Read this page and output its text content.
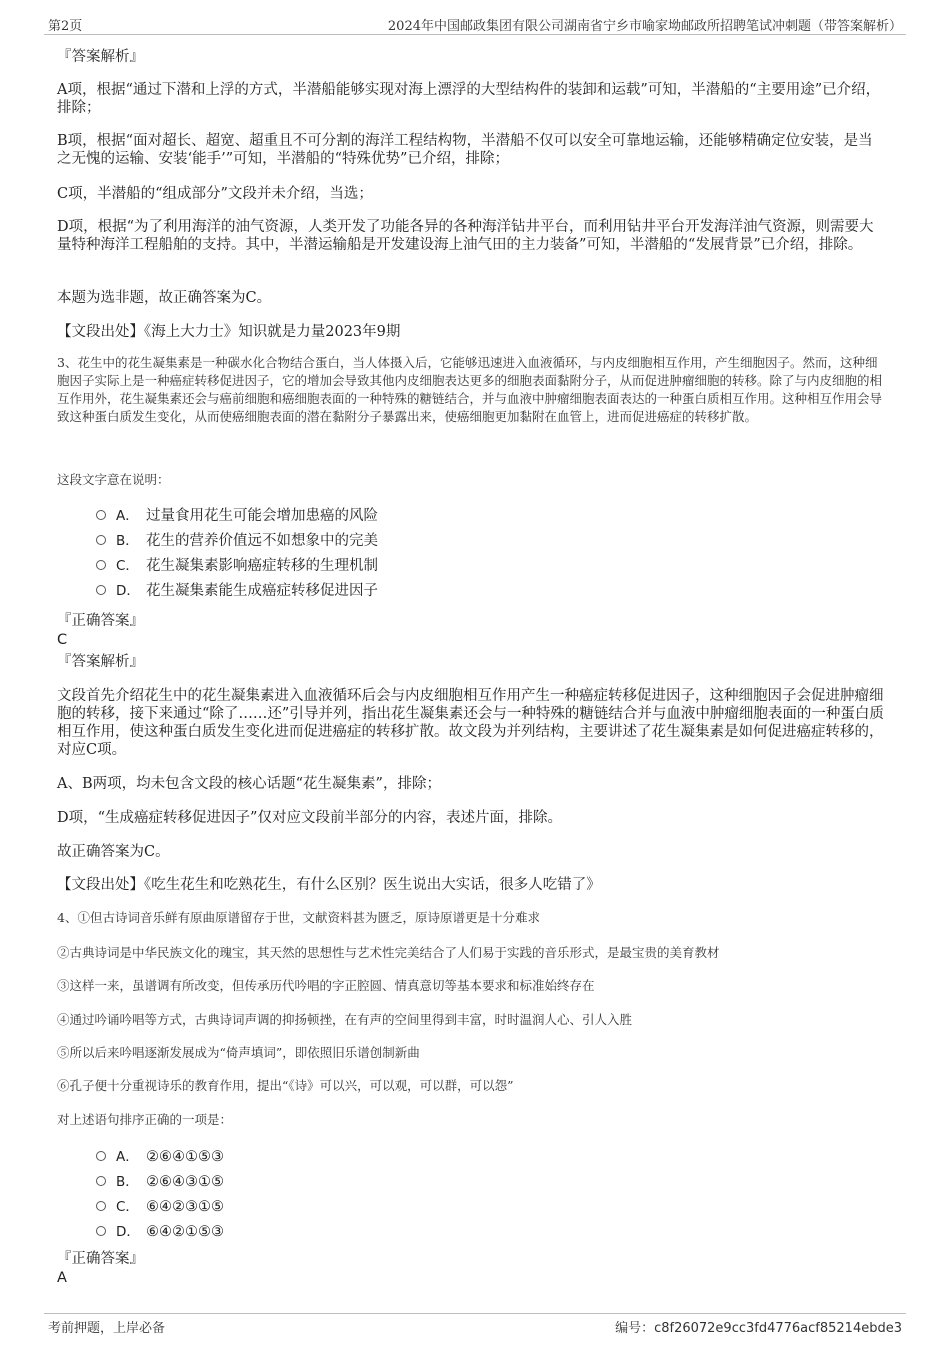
第2页	2024年中国邮政集团有限公司湖南省宁乡市喻家坳邮政所招聘笔试冲刺题（带答案解析）

『答案解析』

A项，根据“通过下潜和上浮的方式，半潜船能够实现对海上漂浮的大型结构件的装卸和运载”可知，半潜船的“主要用途”已介绍，排除；

B项，根据“面对超长、超宽、超重且不可分割的海洋工程结构物，半潜船不仅可以安全可靠地运输，还能够精确定位安装，是当之无愧的运输、安装‘能手’”可知，半潜船的“特殊优势”已介绍，排除；

C项，半潜船的“组成部分”文段并未介绍，当选；

D项，根据“为了利用海洋的油气资源，人类开发了功能各异的各种海洋钻井平台，而利用钻井平台开发海洋油气资源，则需要大量特种海洋工程船舶的支持。其中，半潜运输船是开发建设海上油气田的主力装备”可知，半潜船的“发展背景”已介绍，排除。

本题为选非题，故正确答案为C。

【文段出处】《海上大力士》知识就是力量2023年9期

3、花生中的花生凝集素是一种碳水化合物结合蛋白，当人体摄入后，它能够迅速进入血液循环，与内皮细胞相互作用，产生细胞因子。然而，这种细胞因子实际上是一种癌症转移促进因子，它的增加会导致其他内皮细胞表达更多的细胞表面黏附分子，从而促进肿瘤细胞的转移。除了与内皮细胞的相互作用外，花生凝集素还会与癌前细胞和癌细胞表面的一种特殊的糖链结合，并与血液中肿瘤细胞表面表达的一种蛋白质相互作用。这种相互作用会导致这种蛋白质发生变化，从而使癌细胞表面的潜在黏附分子暴露出来，使癌细胞更加黏附在血管上，进而促进癌症的转移扩散。

这段文字意在说明：

A． 过量食用花生可能会增加患癌的风险
B． 花生的营养价值远不如想象中的完美
C． 花生凝集素影响癌症转移的生理机制
D． 花生凝集素能生成癌症转移促进因子

『正确答案』

C

『答案解析』

文段首先介绍花生中的花生凝集素进入血液循环后会与内皮细胞相互作用产生一种癌症转移促进因子，这种细胞因子会促进肿瘤细胞的转移，接下来通过“除了……还”引导并列，指出花生凝集素还会与一种特殊的糖链结合并与血液中肿瘤细胞表面的一种蛋白质相互作用，使这种蛋白质发生变化进而促进癌症的转移扩散。故文段为并列结构，主要讲述了花生凝集素是如何促进癌症转移的，对应C项。

A、B两项，均未包含文段的核心话题“花生凝集素”，排除；

D项，“生成癌症转移促进因子”仅对应文段前半部分的内容，表述片面，排除。

故正确答案为C。

【文段出处】《吃生花生和吃熟花生，有什么区别？医生说出大实话，很多人吃错了》

4、①但古诗词音乐鲜有原曲原谱留存于世，文献资料甚为匮乏，原诗原谱更是十分难求

②古典诗词是中华民族文化的瑰宝，其天然的思想性与艺术性完美结合了人们易于实践的音乐形式，是最宝贵的美育教材

③这样一来，虽谱调有所改变，但传承历代吟唱的字正腔圆、情真意切等基本要求和标准始终存在

④通过吟诵吟唱等方式，古典诗词声调的抑扬顿挫，在有声的空间里得到丰富，时时温润人心、引人入胜

⑤所以后来吟唱逐渐发展成为“倚声填词”，即依照旧乐谱创制新曲

⑥孔子便十分重视诗乐的教育作用，提出“《诗》可以兴，可以观，可以群，可以怨”

对上述语句排序正确的一项是：

A． ②⑥④①⑤③
B． ②⑥④③①⑤
C． ⑥④②③①⑤
D． ⑥④②①⑤③

『正确答案』

A

考前押题，上岸必备	编号：c8f26072e9cc3fd4776acf85214ebde3
